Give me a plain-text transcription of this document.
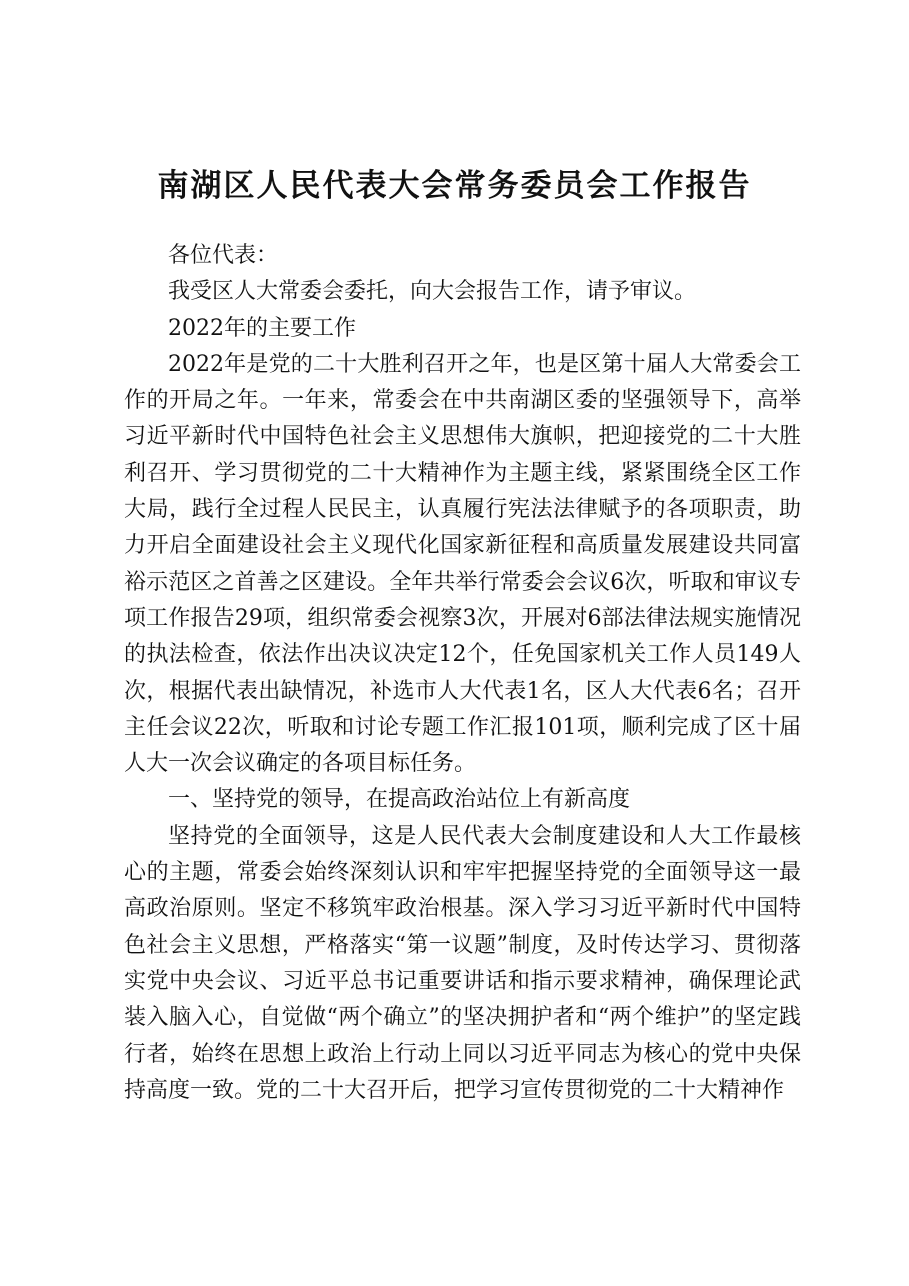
南湖区人民代表大会常务委员会工作报告

各位代表：

我受区人大常委会委托，向大会报告工作，请予审议。

2022年的主要工作

2022年是党的二十大胜利召开之年，也是区第十届人大常委会工作的开局之年。一年来，常委会在中共南湖区委的坚强领导下，高举习近平新时代中国特色社会主义思想伟大旗帜，把迎接党的二十大胜利召开、学习贯彻党的二十大精神作为主题主线，紧紧围绕全区工作大局，践行全过程人民民主，认真履行宪法法律赋予的各项职责，助力开启全面建设社会主义现代化国家新征程和高质量发展建设共同富裕示范区之首善之区建设。全年共举行常委会会议6次，听取和审议专项工作报告29项，组织常委会视察3次，开展对6部法律法规实施情况的执法检查，依法作出决议决定12个，任免国家机关工作人员149人次，根据代表出缺情况，补选市人大代表1名，区人大代表6名；召开主任会议22次，听取和讨论专题工作汇报101项，顺利完成了区十届人大一次会议确定的各项目标任务。

一、坚持党的领导，在提高政治站位上有新高度

坚持党的全面领导，这是人民代表大会制度建设和人大工作最核心的主题，常委会始终深刻认识和牢牢把握坚持党的全面领导这一最高政治原则。坚定不移筑牢政治根基。深入学习习近平新时代中国特色社会主义思想，严格落实“第一议题”制度，及时传达学习、贯彻落实党中央会议、习近平总书记重要讲话和指示要求精神，确保理论武装入脑入心，自觉做“两个确立”的坚决拥护者和“两个维护”的坚定践行者，始终在思想上政治上行动上同以习近平同志为核心的党中央保持高度一致。党的二十大召开后，把学习宣传贯彻党的二十大精神作
